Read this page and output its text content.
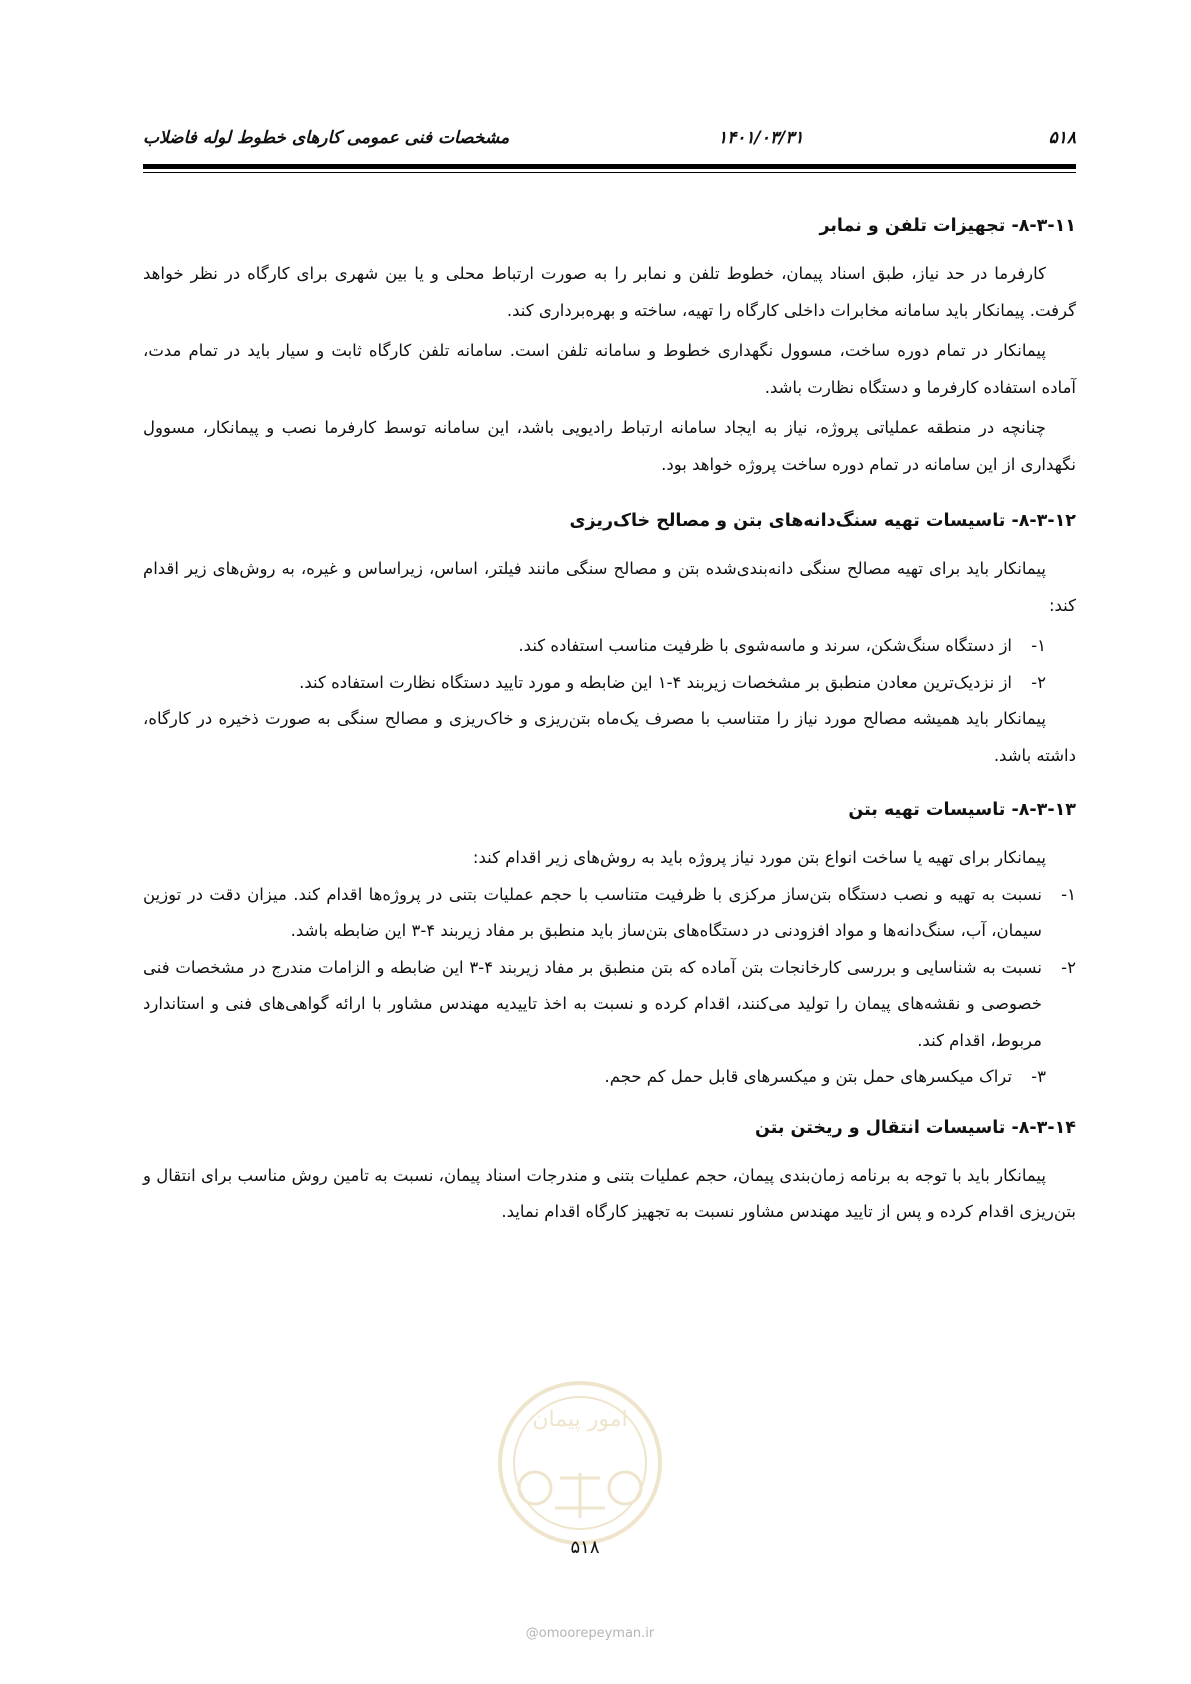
مشخصات فنی عمومی کارهای خطوط لوله فاضلاب	۱۴۰۱/۰۳/۳۱	۵۱۸
۸-۳-۱۱- تجهیزات تلفن و نمابر

کارفرما در حد نیاز، طبق اسناد پیمان، خطوط تلفن و نمابر را به صورت ارتباط محلی و یا بین شهری برای کارگاه در نظر خواهد گرفت. پیمانکار باید سامانه مخابرات داخلی کارگاه را تهیه، ساخته و بهره‌برداری کند.

پیمانکار در تمام دوره ساخت، مسوول نگهداری خطوط و سامانه تلفن است. سامانه تلفن کارگاه ثابت و سیار باید در تمام مدت، آماده استفاده کارفرما و دستگاه نظارت باشد.

چنانچه در منطقه عملیاتی پروژه، نیاز به ایجاد سامانه ارتباط رادیویی باشد، این سامانه توسط کارفرما نصب و پیمانکار، مسوول نگهداری از این سامانه در تمام دوره ساخت پروژه خواهد بود.

۸-۳-۱۲- تاسیسات تهیه سنگ‌دانه‌های بتن و مصالح خاک‌ریزی

پیمانکار باید برای تهیه مصالح سنگی دانه‌بندی‌شده بتن و مصالح سنگی مانند فیلتر، اساس، زیراساس و غیره، به روش‌های زیر اقدام کند:

۱-
از دستگاه سنگ‌شکن، سرند و ماسه‌شوی با ظرفیت مناسب استفاده کند.
۲-
از نزدیک‌ترین معادن منطبق بر مشخصات زیربند ۴-۱ این ضابطه و مورد تایید دستگاه نظارت استفاده کند.

پیمانکار باید همیشه مصالح مورد نیاز را متناسب با مصرف یک‌ماه بتن‌ریزی و خاک‌ریزی و مصالح سنگی به صورت ذخیره در کارگاه، داشته باشد.

۸-۳-۱۳- تاسیسات تهیه بتن

پیمانکار برای تهیه یا ساخت انواع بتن مورد نیاز پروژه باید به روش‌های زیر اقدام کند:

۱-
نسبت به تهیه و نصب دستگاه بتن‌ساز مرکزی با ظرفیت متناسب با حجم عملیات بتنی در پروژه‌ها اقدام کند. میزان دقت در توزین سیمان، آب، سنگ‌دانه‌ها و مواد افزودنی در دستگاه‌های بتن‌ساز باید منطبق بر مفاد زیربند ۴-۳ این ضابطه باشد.
۲-
نسبت به شناسایی و بررسی کارخانجات بتن آماده که بتن منطبق بر مفاد زیربند ۴-۳ این ضابطه و الزامات مندرج در مشخصات فنی خصوصی و نقشه‌های پیمان را تولید می‌کنند، اقدام کرده و نسبت به اخذ تاییدیه مهندس مشاور با ارائه گواهی‌های فنی و استاندارد مربوط، اقدام کند.
۳-
تراک میکسرهای حمل بتن و میکسرهای قابل حمل کم حجم.
۸-۳-۱۴- تاسیسات انتقال و ریختن بتن

پیمانکار باید با توجه به برنامه زمان‌بندی پیمان، حجم عملیات بتنی و مندرجات اسناد پیمان، نسبت به تامین روش مناسب برای انتقال و بتن‌ریزی اقدام کرده و پس از تایید مهندس مشاور نسبت به تجهیز کارگاه اقدام نماید.

امور پیمان
۵۱۸
@omoorepeyman.ir
